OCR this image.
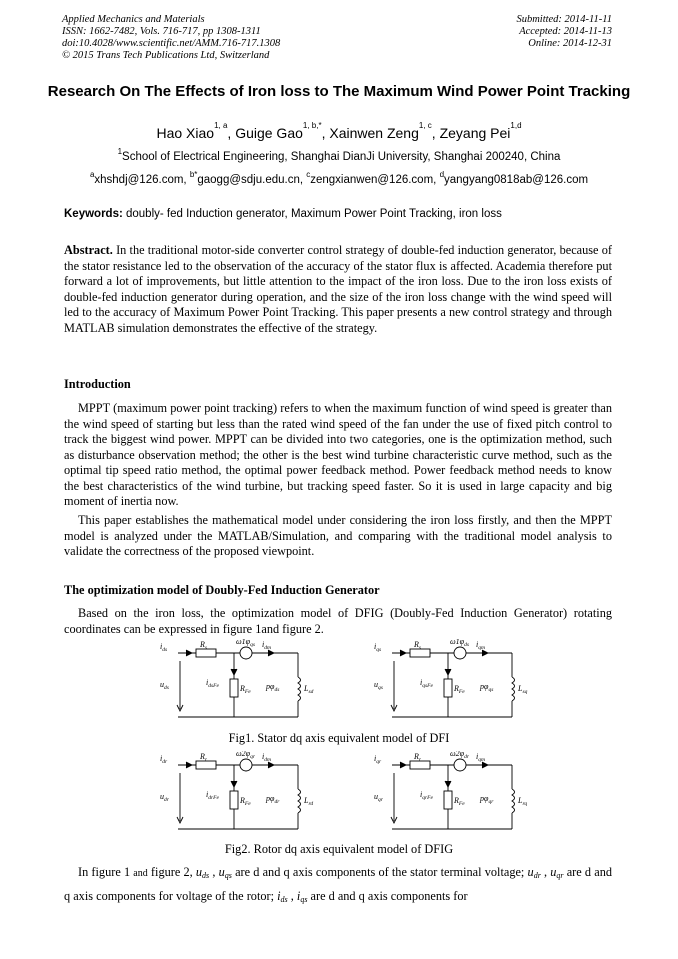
Applied Mechanics and Materials
ISSN: 1662-7482, Vols. 716-717, pp 1308-1311
doi:10.4028/www.scientific.net/AMM.716-717.1308
© 2015 Trans Tech Publications Ltd, Switzerland
Submitted: 2014-11-11
Accepted: 2014-11-13
Online: 2014-12-31
Research On The Effects of Iron loss to The Maximum Wind Power Point Tracking
Hao Xiao$^{1, a}$, Guige Gao$^{1, b,*}$, Xainwen Zeng$^{1, c}$, Zeyang Pei$^{1,d}$
$^1$School of Electrical Engineering, Shanghai DianJi University, Shanghai 200240, China
$^a$xhshdj@126.com, $^{b*}$gaogg@sdju.edu.cn, $^c$zengxianwen@126.com, $^d$yangyang0818ab@126.com
Keywords: doubly- fed Induction generator, Maximum Power Point Tracking, iron loss
Abstract. In the traditional motor-side converter control strategy of double-fed induction generator, because of the stator resistance led to the observation of the accuracy of the stator flux is affected. Academia therefore put forward a lot of improvements, but little attention to the impact of the iron loss. Due to the iron loss exists of double-fed induction generator during operation, and the size of the iron loss change with the wind speed will led to the accuracy of Maximum Power Point Tracking. This paper presents a new control strategy and through MATLAB simulation demonstrates the effective of the strategy.
Introduction
MPPT (maximum power point tracking) refers to when the maximum function of wind speed is greater than the wind speed of starting but less than the rated wind speed of the fan under the use of fixed pitch control to track the biggest wind power. MPPT can be divided into two categories, one is the optimization method, such as disturbance observation method; the other is the best wind turbine characteristic curve method, such as the optimal tip speed ratio method, the optimal power feedback method. Power feedback method needs to know the best characteristics of the wind turbine, but tracking speed faster. So it is used in large capacity and big moment of inertia now.
This paper establishes the mathematical model under considering the iron loss firstly, and then the MPPT model is analyzed under the MATLAB/Simulation, and comparing with the traditional model analysis to validate the correctness of the proposed viewpoint.
The optimization model of Doubly-Fed Induction Generator
Based on the iron loss, the optimization model of DFIG (Doubly-Fed Induction Generator) rotating coordinates can be expressed in figure 1and figure 2.
$i_{ds}$
$R_s$
$\omega 1\varphi_{qs}$ $i_{dm}$
$u_{ds}$
$i_{dsFe}$	$R_{Fe}$
$p\varphi_{ds}$	$L_{sd}$
$i_{qs}$
$R_s$
$\omega 1\varphi_{ds}$ $i_{qm}$
$u_{qs}$
$i_{qsFe}$	$R_{Fe}$
$p\varphi_{qs}$	$L_{sq}$
Fig1. Stator dq axis equivalent model of DFI
$i_{dr}$
$R_r$
$\omega 2\varphi_{qr}$ $i_{dm}$
$u_{dr}$
$i_{drFe}$	$R_{Fe}$
$p\varphi_{dr}$	$L_{rd}$
$i_{qr}$
$R_r$
$\omega 2\varphi_{dr}$ $i_{qm}$
$u_{qr}$
$i_{qrFe}$	$R_{Fe}$
$p\varphi_{qr}$	$L_{rq}$
Fig2. Rotor dq axis equivalent model of DFIG
In figure 1 and figure 2, uds , uqs are d and q axis components of the stator terminal voltage; udr , uqr are d and q axis components for voltage of the rotor; ids , iqs are d and q axis components for
